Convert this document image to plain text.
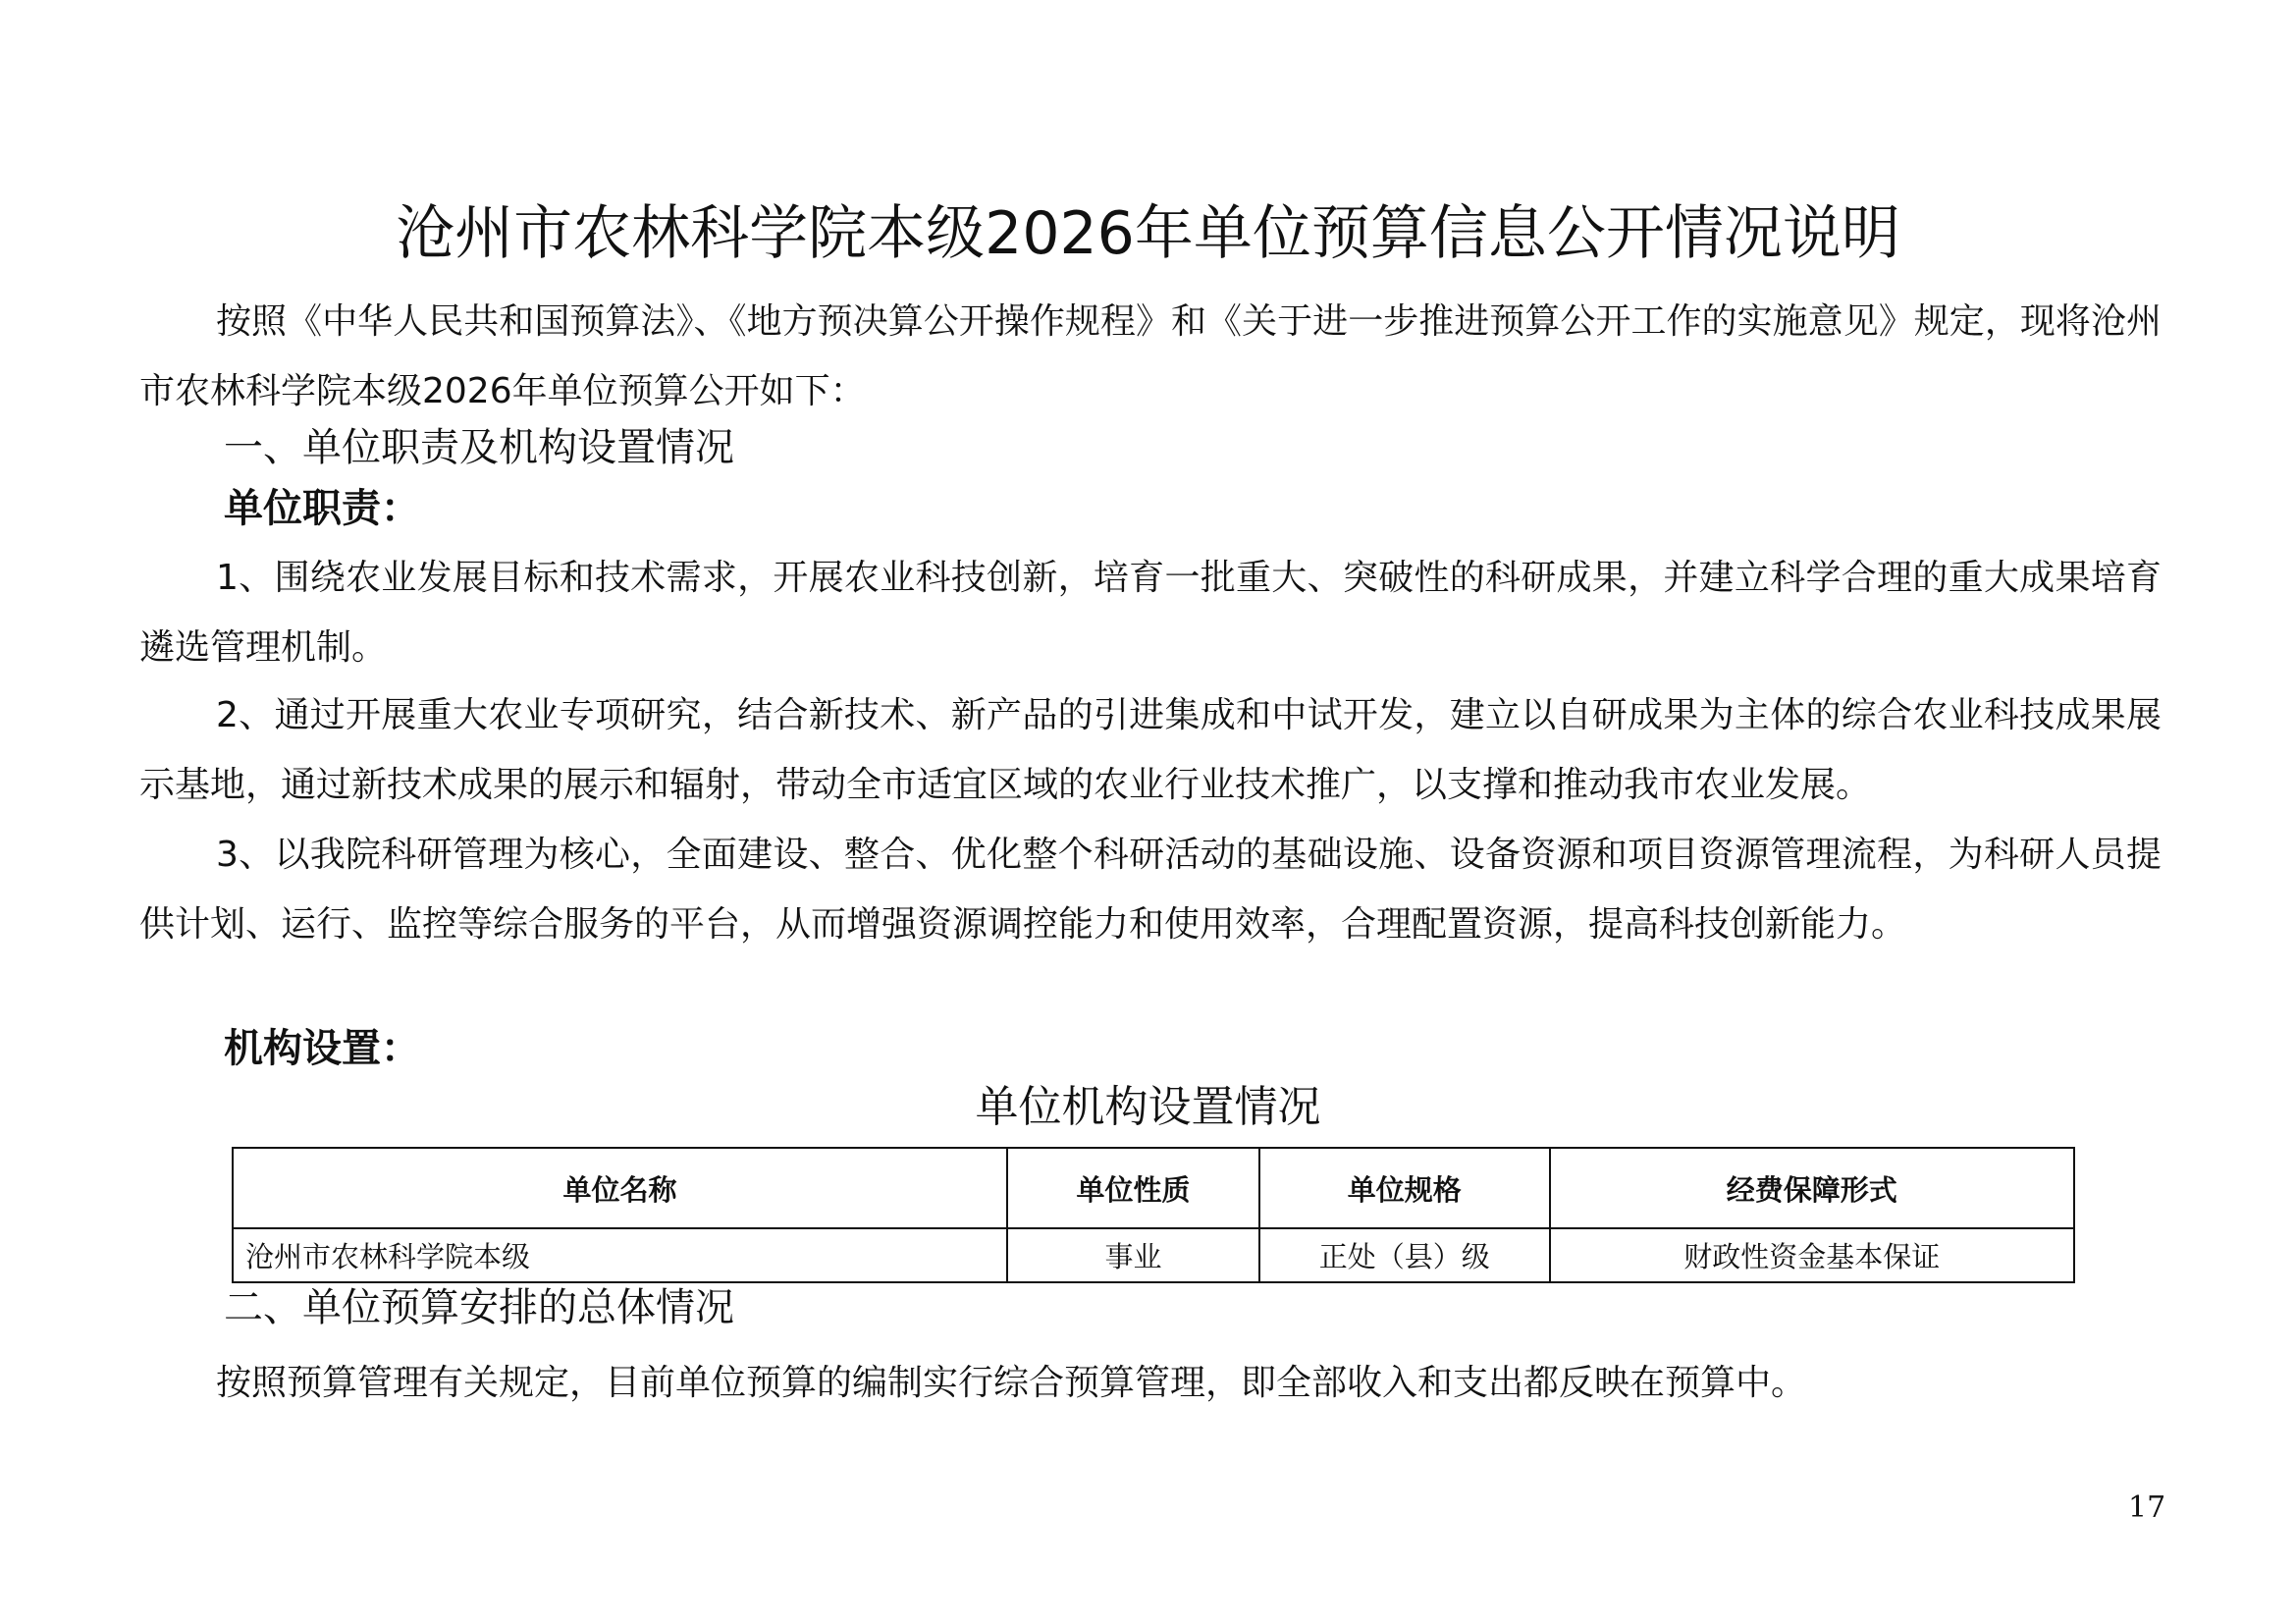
沧州市农林科学院本级2026年单位预算信息公开情况说明
按照《中华人民共和国预算法》、《地方预决算公开操作规程》和《关于进一步推进预算公开工作的实施意见》规定，现将沧州市农林科学院本级2026年单位预算公开如下：
一、单位职责及机构设置情况
单位职责：
1、围绕农业发展目标和技术需求，开展农业科技创新，培育一批重大、突破性的科研成果，并建立科学合理的重大成果培育遴选管理机制。
2、通过开展重大农业专项研究，结合新技术、新产品的引进集成和中试开发，建立以自研成果为主体的综合农业科技成果展示基地，通过新技术成果的展示和辐射，带动全市适宜区域的农业行业技术推广，以支撑和推动我市农业发展。
3、以我院科研管理为核心，全面建设、整合、优化整个科研活动的基础设施、设备资源和项目资源管理流程，为科研人员提供计划、运行、监控等综合服务的平台，从而增强资源调控能力和使用效率，合理配置资源，提高科技创新能力。
机构设置：
单位机构设置情况
单位名称	单位性质	单位规格	经费保障形式
沧州市农林科学院本级	事业	正处（县）级	财政性资金基本保证
二、单位预算安排的总体情况
按照预算管理有关规定，目前单位预算的编制实行综合预算管理，即全部收入和支出都反映在预算中。
17
